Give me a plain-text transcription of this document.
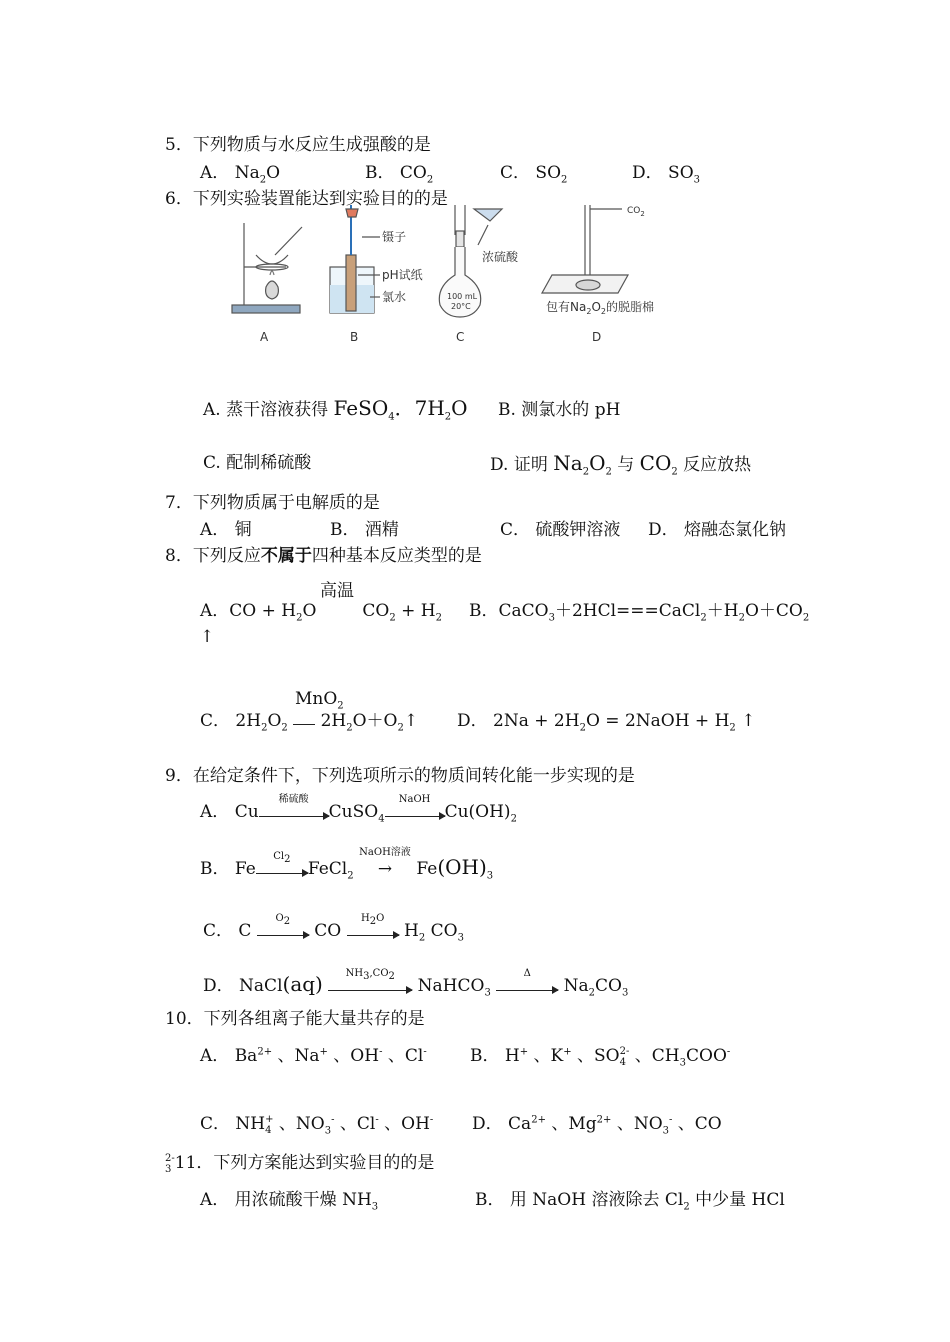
5．下列物质与水反应生成强酸的是
A． $Na_2O$	B． $CO_2$	C． $SO_2$	D． $SO_3$
6．下列实验装置能达到实验目的的是
A
镊子
pH试纸
氯水
B
浓硫酸
100 mL
20°C
C
$CO_2$
包有$Na_2O_2$的脱脂棉
D
A. 蒸干溶液获得 FeSO$_4$．$7H_2O$ B. 测氯水的 pH
C. 配制稀硫酸	D. 证明 $Na_2O_2$ 与 $CO_2$ 反应放热
7．下列物质属于电解质的是
A． 铜	B． 酒精	C． 硫酸钾溶液 D． 熔融态氯化钠
8．下列反应不属于四种基本反应类型的是
高温
A．CO + $H_2O$	$CO_2 + H_2$
↑
B．$CaCO_3+2HCl===CaCl_2+H_2O+CO_2$
MnO$_2$
C． $2H_2O_2$ $2H_2O+O_2↑$ D． $2Na + 2H_2O$ = 2NaOH + $H_2$ ↑
9．在给定条件下，下列选项所示的物质间转化能一步实现的是
A． Cu
稀硫酸
CuSO$_4$
NaOH
$Cu(OH)_2$
B． Fe
$Cl_2$	FeCl$_2$
NaOH溶液
→ $Fe(OH)_3$
C． C
$O_2$	CO
$H_2O$
$H_2$ $CO_3$
D． NaCl(aq)	$NH_3,CO_2$	NaHCO$_3$
Δ
$Na_2CO_3$
10．下列各组离子能大量共存的是
A． $Ba^{2+}$ 、Na+ 、OH- 、Cl-	B． H+ 、K+ 、SO 2-
4 、$CH_3COO^-$
C． NH +
4 、$NO_3^-$ 、Cl- 、OH- D． $Ca^{2+}$ 、$Mg^{2+}$ 、$NO_3^-$ 、CO
2-
3 11．下列方案能达到实验目的的是
A． 用浓硫酸干燥 $NH_3$	B． 用 NaOH 溶液除去 $Cl_2$ 中少量 HCl
